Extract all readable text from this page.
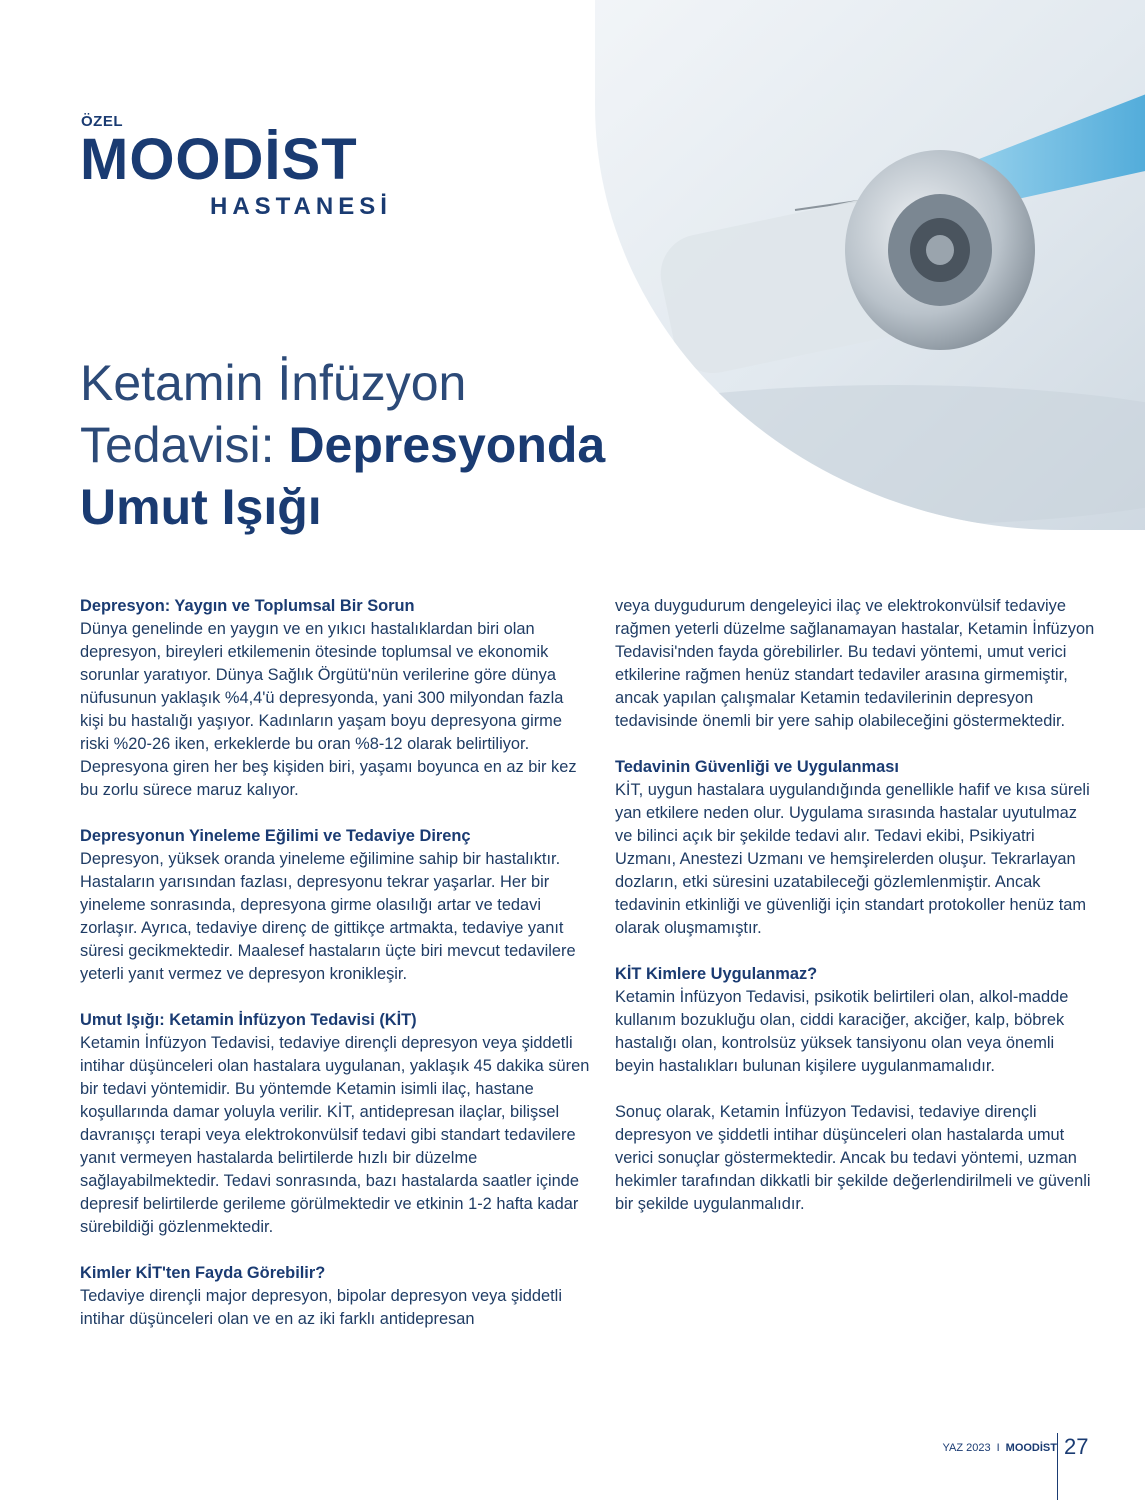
ÖZEL
MOODİST
HASTANESİ
Ketamin İnfüzyon
Tedavisi: Depresyonda
Umut Işığı
Depresyon: Yaygın ve Toplumsal Bir Sorun

Dünya genelinde en yaygın ve en yıkıcı hastalıklardan biri olan depresyon, bireyleri etkilemenin ötesinde toplumsal ve ekonomik sorunlar yaratıyor. Dünya Sağlık Örgütü'nün verilerine göre dünya nüfusunun yaklaşık %4,4'ü depresyonda, yani 300 milyondan fazla kişi bu hastalığı yaşıyor. Kadınların yaşam boyu depresyona girme riski %20-26 iken, erkeklerde bu oran %8-12 olarak belirtiliyor. Depresyona giren her beş kişiden biri, yaşamı boyunca en az bir kez bu zorlu sürece maruz kalıyor.

Depresyonun Yineleme Eğilimi ve Tedaviye Direnç

Depresyon, yüksek oranda yineleme eğilimine sahip bir hastalıktır. Hastaların yarısından fazlası, depresyonu tekrar yaşarlar. Her bir yineleme sonrasında, depresyona girme olasılığı artar ve tedavi zorlaşır. Ayrıca, tedaviye direnç de gittikçe artmakta, tedaviye yanıt süresi gecikmektedir. Maalesef hastaların üçte biri mevcut tedavilere yeterli yanıt vermez ve depresyon kronikleşir.

Umut Işığı: Ketamin İnfüzyon Tedavisi (KİT)

Ketamin İnfüzyon Tedavisi, tedaviye dirençli depresyon veya şiddetli intihar düşünceleri olan hastalara uygulanan, yaklaşık 45 dakika süren bir tedavi yöntemidir. Bu yöntemde Ketamin isimli ilaç, hastane koşullarında damar yoluyla verilir. KİT, antidepresan ilaçlar, bilişsel davranışçı terapi veya elektrokonvülsif tedavi gibi standart tedavilere yanıt vermeyen hastalarda belirtilerde hızlı bir düzelme sağlayabilmektedir. Tedavi sonrasında, bazı hastalarda saatler içinde depresif belirtilerde gerileme görülmektedir ve etkinin 1-2 hafta kadar sürebildiği gözlenmektedir.

Kimler KİT'ten Fayda Görebilir?

Tedaviye dirençli major depresyon, bipolar depresyon veya şiddetli intihar düşünceleri olan ve en az iki farklı antidepresan

veya duygudurum dengeleyici ilaç ve elektrokonvülsif tedaviye rağmen yeterli düzelme sağlanamayan hastalar, Ketamin İnfüzyon Tedavisi'nden fayda görebilirler. Bu tedavi yöntemi, umut verici etkilerine rağmen henüz standart tedaviler arasına girmemiştir, ancak yapılan çalışmalar Ketamin tedavilerinin depresyon tedavisinde önemli bir yere sahip olabileceğini göstermektedir.

Tedavinin Güvenliği ve Uygulanması

KİT, uygun hastalara uygulandığında genellikle hafif ve kısa süreli yan etkilere neden olur. Uygulama sırasında hastalar uyutulmaz ve bilinci açık bir şekilde tedavi alır. Tedavi ekibi, Psikiyatri Uzmanı, Anestezi Uzmanı ve hemşirelerden oluşur. Tekrarlayan dozların, etki süresini uzatabileceği gözlemlenmiştir. Ancak tedavinin etkinliği ve güvenliği için standart protokoller henüz tam olarak oluşmamıştır.

KİT Kimlere Uygulanmaz?

Ketamin İnfüzyon Tedavisi, psikotik belirtileri olan, alkol-madde kullanım bozukluğu olan, ciddi karaciğer, akciğer, kalp, böbrek hastalığı olan, kontrolsüz yüksek tansiyonu olan veya önemli beyin hastalıkları bulunan kişilere uygulanmamalıdır.

Sonuç olarak, Ketamin İnfüzyon Tedavisi, tedaviye dirençli depresyon ve şiddetli intihar düşünceleri olan hastalarda umut verici sonuçlar göstermektedir. Ancak bu tedavi yöntemi, uzman hekimler tarafından dikkatli bir şekilde değerlendirilmeli ve güvenli bir şekilde uygulanmalıdır.

YAZ 2023 I MOODİST 27
